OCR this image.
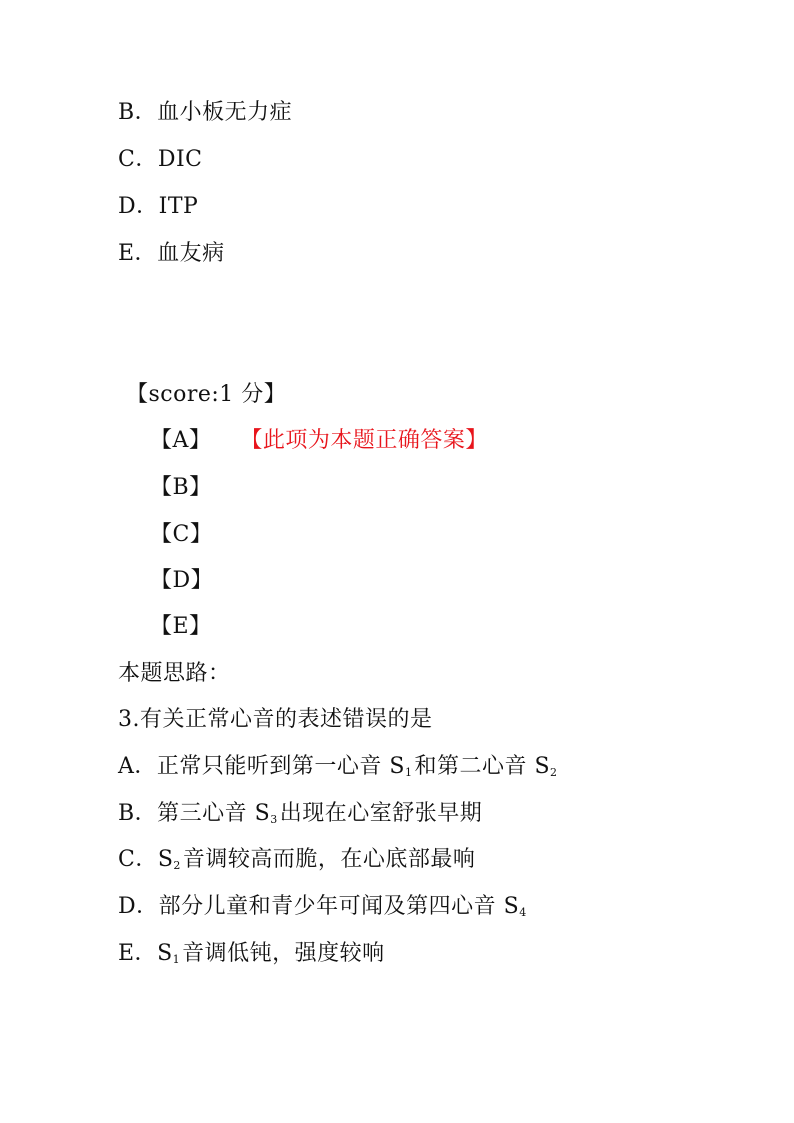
B．血小板无力症
C．DIC
D．ITP
E．血友病
【score:1 分】
【A】 【此项为本题正确答案】
【B】
【C】
【D】
【E】
本题思路：
3.有关正常心音的表述错误的是
A．正常只能听到第一心音 $S_1$和第二心音 $S_2$
B．第三心音 $S_3$出现在心室舒张早期
C．$S_2$音调较高而脆，在心底部最响
D．部分儿童和青少年可闻及第四心音 $S_4$
E．$S_1$音调低钝，强度较响
